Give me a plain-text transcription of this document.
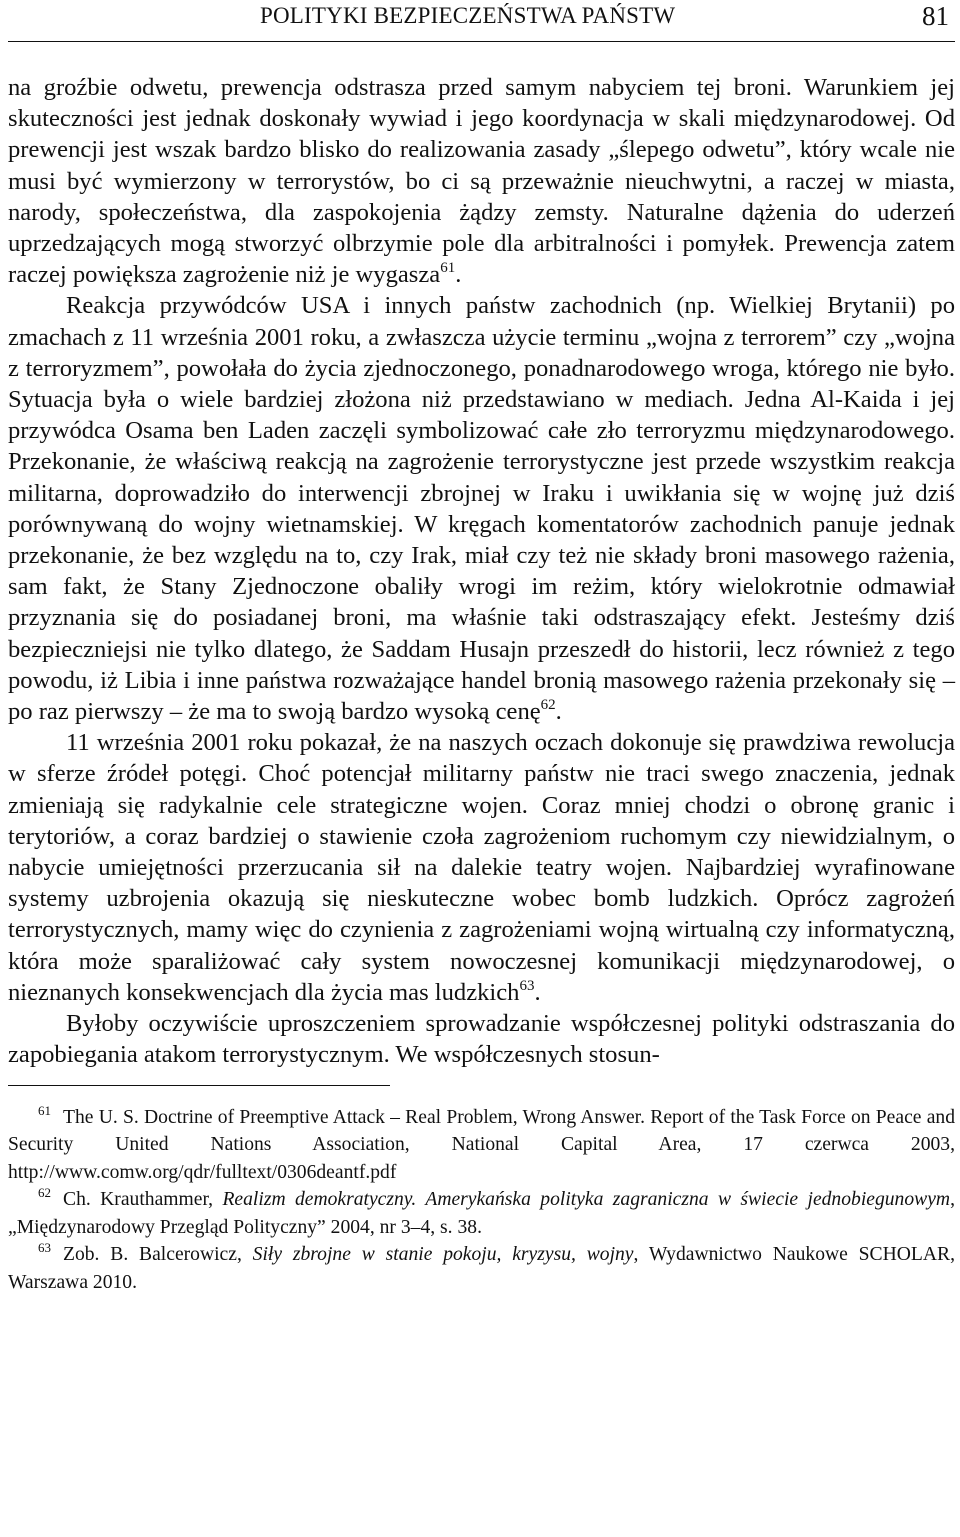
POLITYKI BEZPIECZEŃSTWA PAŃSTW	81

na groźbie odwetu, prewencja odstrasza przed samym nabyciem tej broni. Warunkiem jej skuteczności jest jednak doskonały wywiad i jego koordynacja w skali międzynarodowej. Od prewencji jest wszak bardzo blisko do realizowania zasady „ślepego odwetu”, który wcale nie musi być wymierzony w terrorystów, bo ci są przeważnie nieuchwytni, a raczej w miasta, narody, społeczeństwa, dla zaspokojenia żądzy zemsty. Naturalne dążenia do uderzeń uprzedzających mogą stworzyć olbrzymie pole dla arbitralności i pomyłek. Prewencja zatem raczej powiększa zagrożenie niż je wygasza$^{61}$.

Reakcja przywódców USA i innych państw zachodnich (np. Wielkiej Brytanii) po zmachach z 11 września 2001 roku, a zwłaszcza użycie terminu „wojna z terrorem” czy „wojna z terroryzmem”, powołała do życia zjednoczonego, ponadnarodowego wroga, którego nie było. Sytuacja była o wiele bardziej złożona niż przedstawiano w mediach. Jedna Al-Kaida i jej przywódca Osama ben Laden zaczęli symbolizować całe zło terroryzmu międzynarodowego. Przekonanie, że właściwą reakcją na zagrożenie terrorystyczne jest przede wszystkim reakcja militarna, doprowadziło do interwencji zbrojnej w Iraku i uwikłania się w wojnę już dziś porównywaną do wojny wietnamskiej. W kręgach komentatorów zachodnich panuje jednak przekonanie, że bez względu na to, czy Irak, miał czy też nie składy broni masowego rażenia, sam fakt, że Stany Zjednoczone obaliły wrogi im reżim, który wielokrotnie odmawiał przyznania się do posiadanej broni, ma właśnie taki odstraszający efekt. Jesteśmy dziś bezpieczniejsi nie tylko dlatego, że Saddam Husajn przeszedł do historii, lecz również z tego powodu, iż Libia i inne państwa rozważające handel bronią masowego rażenia przekonały się – po raz pierwszy – że ma to swoją bardzo wysoką cenę$^{62}$.

11 września 2001 roku pokazał, że na naszych oczach dokonuje się prawdziwa rewolucja w sferze źródeł potęgi. Choć potencjał militarny państw nie traci swego znaczenia, jednak zmieniają się radykalnie cele strategiczne wojen. Coraz mniej chodzi o obronę granic i terytoriów, a coraz bardziej o stawienie czoła zagrożeniom ruchomym czy niewidzialnym, o nabycie umiejętności przerzucania sił na dalekie teatry wojen. Najbardziej wyrafinowane systemy uzbrojenia okazują się nieskuteczne wobec bomb ludzkich. Oprócz zagrożeń terrorystycznych, mamy więc do czynienia z zagrożeniami wojną wirtualną czy informatyczną, która może sparaliżować cały system nowoczesnej komunikacji międzynarodowej, o nieznanych konsekwencjach dla życia mas ludzkich$^{63}$.

Byłoby oczywiście uproszczeniem sprowadzanie współczesnej polityki odstraszania do zapobiegania atakom terrorystycznym. We współczesnych stosun-

$^{61}$ The U. S. Doctrine of Preemptive Attack – Real Problem, Wrong Answer. Report of the Task Force on Peace and Security United Nations Association, National Capital Area, 17 czerwca 2003, http://www.comw.org/qdr/fulltext/0306deantf.pdf

$^{62}$ Ch. Krauthammer, Realizm demokratyczny. Amerykańska polityka zagraniczna w świecie jednobiegunowym, „Międzynarodowy Przegląd Polityczny” 2004, nr 3–4, s. 38.

$^{63}$ Zob. B. Balcerowicz, Siły zbrojne w stanie pokoju, kryzysu, wojny, Wydawnictwo Naukowe SCHOLAR, Warszawa 2010.
